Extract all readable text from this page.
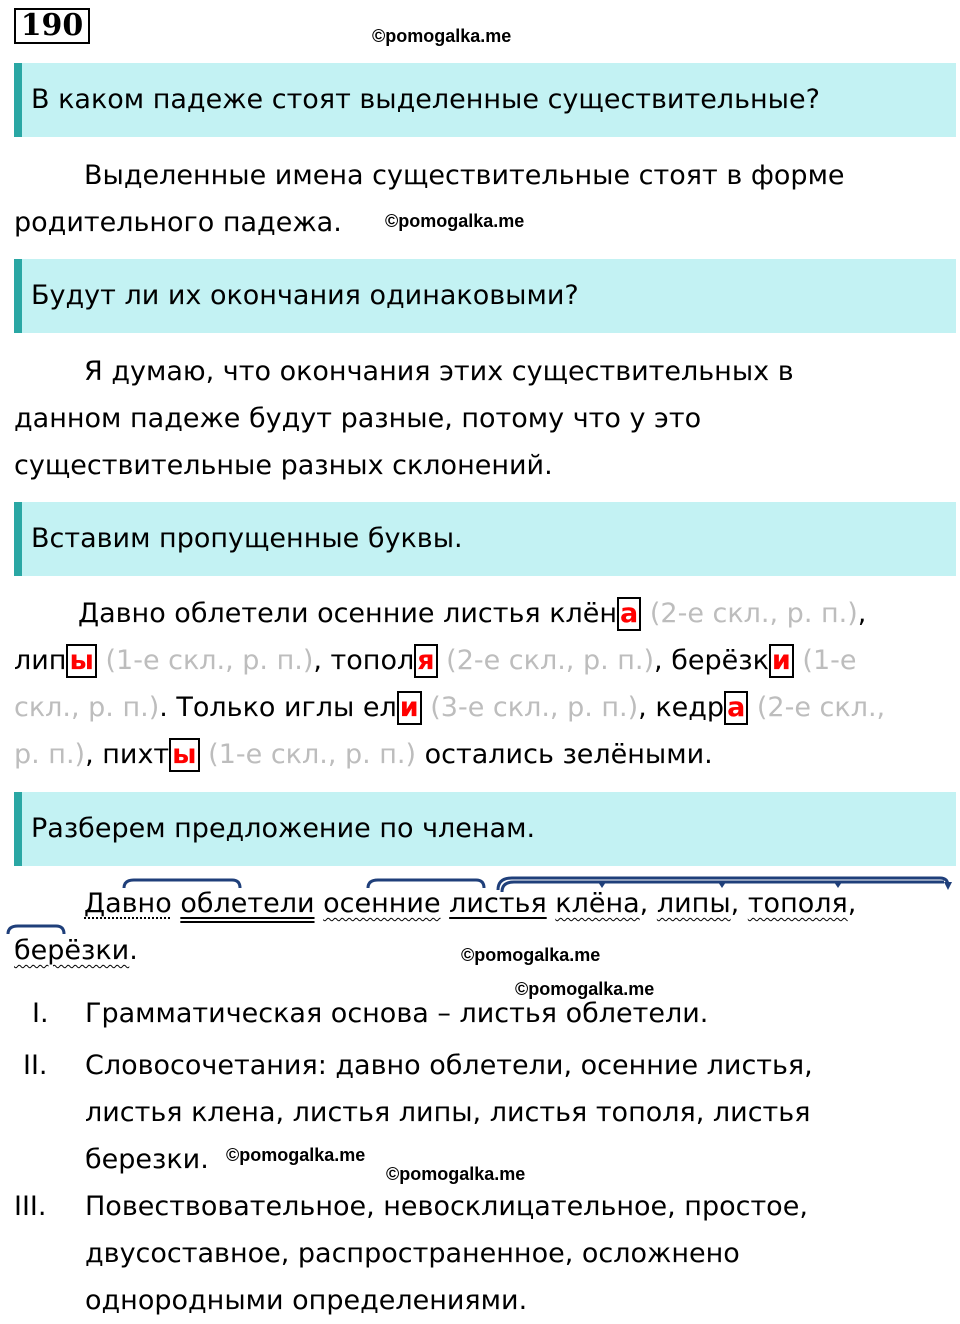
190	©pomogalka.me
В каком падеже стоят выделенные существительные?
Выделенные имена существительные стоят в форме
родительного падежа.	©pomogalka.me
Будут ли их окончания одинаковыми?
Я думаю, что окончания этих существительных в
данном падеже будут разные, потому что у это
существительные разных склонений.
Вставим пропущенные буквы.
Давно облетели осенние листья клён а (2-е скл., р. п.),
лип ы (1-е скл., р. п.), топол я (2-е скл., р. п.), берёзк и (1-е
скл., р. п.). Только иглы ел и (3-е скл., р. п.), кедр а (2-е скл.,
р. п.), пихт ы (1-е скл., р. п.) остались зелёными.
Разберем предложение по членам.
Давно облетели осенние листья клёна, липы, тополя,
берёзки.	©pomogalka.me
©pomogalka.me
I. Грамматическая основа – листья облетели.
II. Словосочетания: давно облетели, осенние листья,
листья клена, листья липы, листья тополя, листья
березки. ©pomogalka.me
©pomogalka.me
III. Повествовательное, невосклицательное, простое,
двусоставное, распространенное, осложнено
однородными определениями.
